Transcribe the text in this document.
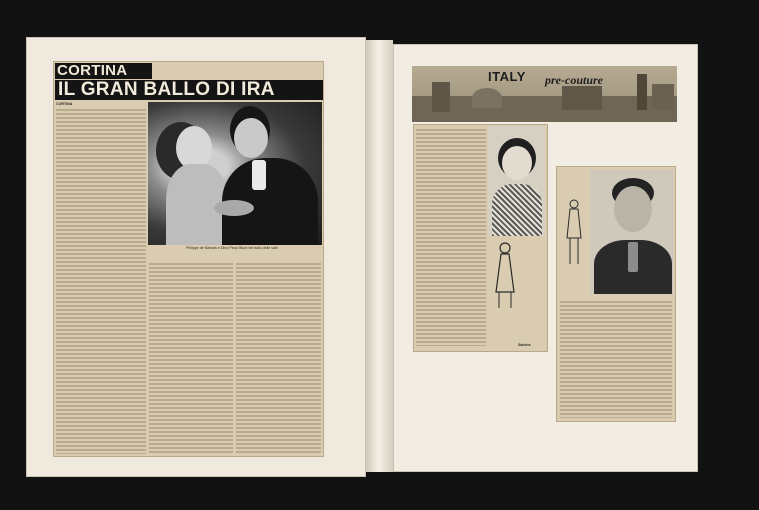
CORTINA
IL GRAN BALLO DI IRA
CORTINA
Philippe de Nantois e Dino Pecci Blunt nel ballo delle sale
ITALY pre-couture
Salvine
Forquet
